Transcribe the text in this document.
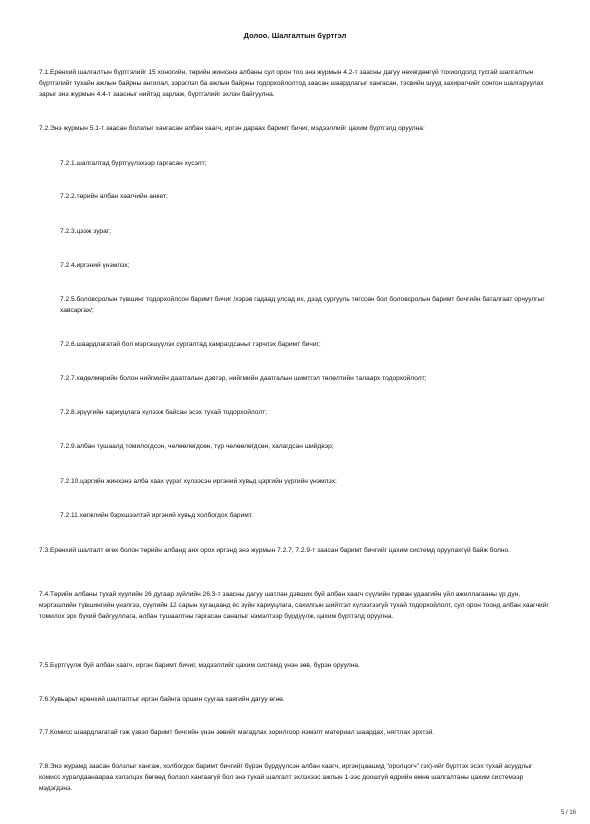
Долоо. Шалгалтын бүртгэл

7.1.Ерөнхий шалгалтын бүртгэлийг 15 хоногийн, төрийн жинхэнэ албаны сул орон тоо энэ журмын 4.2-т заасны дагуу нөхөгдөөгүй тохиолдолд тусгай шалгалтын бүртгэлийг тухайн ажлын байрны ангилал, зэрэглэл ба ажлын байрны тодорхойлолтод заасан шаардлагыг хангасан, тэсвийн шууд захирагчийг сонгон шалгаруулах зарыг энэ журмын 4.4-т заасныг нийтэд зарлаж, бүртгэлийг эхлэн байгуулна.

7.2.Энэ журмын 5.1-т заасан болзлыг хангасан албан хаагч, иргэн дараах баримт бичиг, мэдээллийг цахим бүртгэлд оруулна:

7.2.1.шалгалтад бүртгүүлэхээр гаргасан хүсэлт;

7.2.2.төрийн албан хаагчийн анкет;

7.2.3.цээж зураг;

7.2.4.иргэний үнэмлэх;

7.2.5.боловсролын түвшинг тодорхойлсон баримт бичиг /хэрэв гадаад улсад их, дээд сургууль төгссөн бол боловсролын баримт бичгийн баталгаат орчуулгыг хавсаргах/;

7.2.6.шаардлагатай бол мэргэшүүлэх сургалтад хамрагдсаныг гэрчлэх баримт бичиг;

7.2.7.хөдөлмөрийн болон нийгмийн даатгалын дэвтэр, нийгмийн даатгалын шимтгэл төлөлтийн талаарх тодорхойлолт;

7.2.8.эрүүгийн хариуцлага хүлээж байсан эсэх тухай тодорхойлолт;

7.2.9.албан тушаалд томилогдсон, чөлөөлөгдсөн, түр чөлөөлөгдсөн, халагдсан шийдвэр;

7.2.10.цэргийн жинхэнэ алба хаах үүрэг хүлээсэн иргэний хувьд цэргийн үүргийн үнэмлэх;

7.2.11.хөгжлийн бэрхшээлтэй иргэний хувьд холбогдох баримт.

7.3.Ерөнхий шалгалт өгөх болон төрийн албанд анх орох иргэнд энэ журмын 7.2.7, 7.2.9-т заасан баримт бичгийг цахим системд оруулахгүй байж болно.

7.4.Төрийн албаны тухай хуулийн 26 дугаар зүйлийн 26.3-т заасны дагуу шатлан дэвших буй албан хаагч сүүлийн гурван удаагийн үйл ажиллагааны үр дүн, мэргэшлийн түвшингийн үнэлгээ, сүүлийн 12 сарын хугацаанд ёс зүйн хариуцлага, сахилгын шийтгэл хүлээгээгүй тухай тодорхойлолт, сул орон тоонд албан хаагчийг томилох эрх бүхий байгууллага, албан тушаалтны гаргасан саналыг нэмэлтээр бүрдүүлж, цахим бүртгэлд оруулна.

7.5.Бүртгүүлж буй албан хаагч, иргэн баримт бичиг, мэдээллийг цахим системд үнэн зөв, бүрэн оруулна.

7.6.Хувьарьт ерөнхий шалгалтыг иргэн байнга оршин суугаа хаягийн дагуу өгнө.

7.7.Комисс шаардлагатай гэж үзвэл баримт бичгийн үнэн зөвийг магадлах зорилгоор нэмэлт материал шаардах, нягтлах эрхтэй.

7.8.Энэ журамд заасан болзлыг хангаж, холбогдох баримт бичгийг бүрэн бүрдүүлсэн албан хаагч, иргэн(цаашид "оролцогч" гэх)-ийг бүртгэх эсэх тухай асуудлыг комисс хуралдаанаараа хэлэлцэх бөгөөд болзол хангаагүй бол энэ тухай шалгалт эхлэхээс ажлын 1-ээс доошгүй өдрийн өмнө шалгалтаны цахим системээр мэдэгдэнэ.

5 / 16
